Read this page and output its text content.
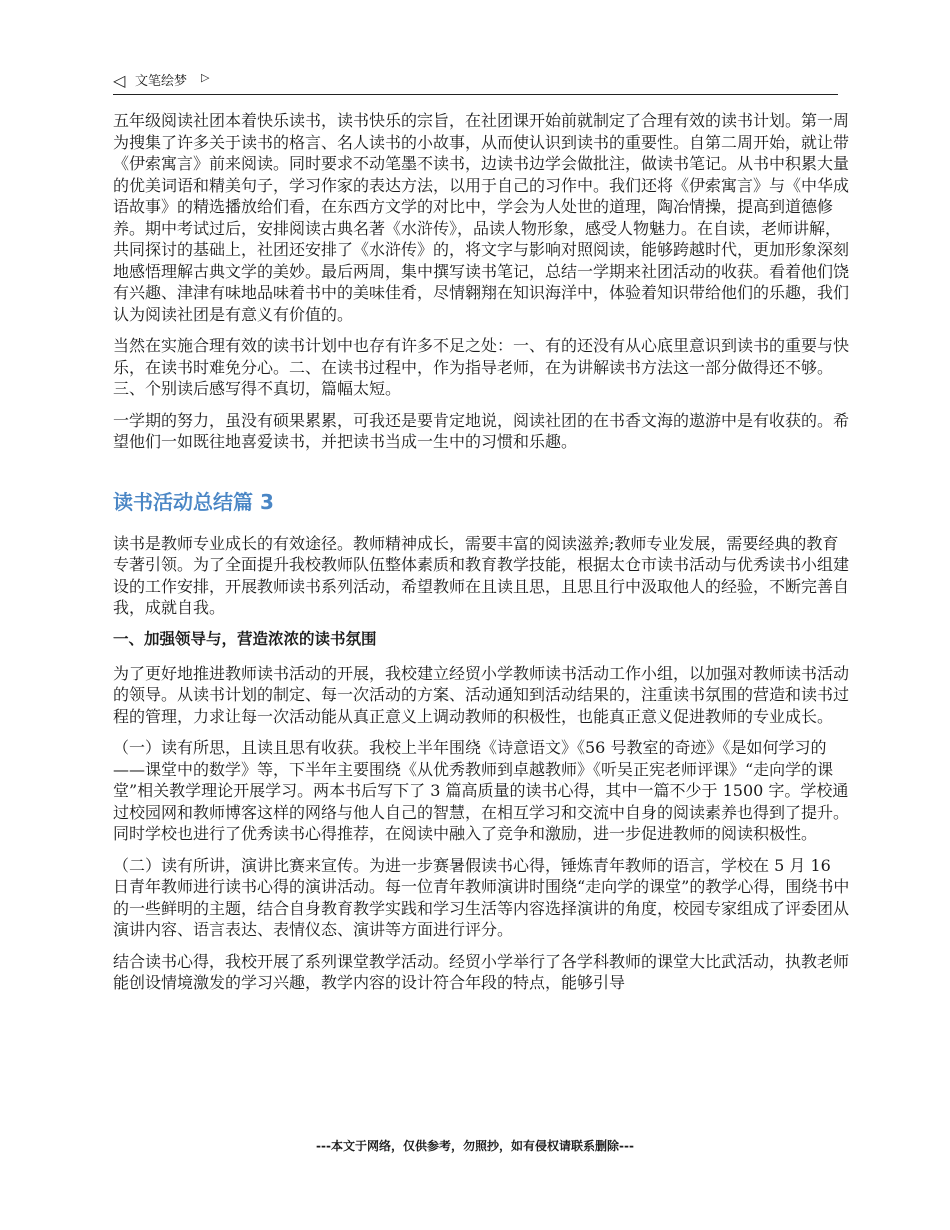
◁ 文笔绘梦 ▷

五年级阅读社团本着快乐读书，读书快乐的宗旨，在社团课开始前就制定了合理有效的读书计划。第一周为搜集了许多关于读书的格言、名人读书的小故事，从而使认识到读书的重要性。自第二周开始，就让带《伊索寓言》前来阅读。同时要求不动笔墨不读书，边读书边学会做批注，做读书笔记。从书中积累大量的优美词语和精美句子，学习作家的表达方法，以用于自己的习作中。我们还将《伊索寓言》与《中华成语故事》的精选播放给们看，在东西方文学的对比中，学会为人处世的道理，陶冶情操，提高到道德修养。期中考试过后，安排阅读古典名著《水浒传》，品读人物形象，感受人物魅力。在自读，老师讲解，共同探讨的基础上，社团还安排了《水浒传》的，将文字与影响对照阅读，能够跨越时代，更加形象深刻地感悟理解古典文学的美妙。最后两周，集中撰写读书笔记，总结一学期来社团活动的收获。看着他们饶有兴趣、津津有味地品味着书中的美味佳肴，尽情翱翔在知识海洋中，体验着知识带给他们的乐趣，我们认为阅读社团是有意义有价值的。

当然在实施合理有效的读书计划中也存有许多不足之处：一、有的还没有从心底里意识到读书的重要与快乐，在读书时难免分心。二、在读书过程中，作为指导老师，在为讲解读书方法这一部分做得还不够。三、个别读后感写得不真切，篇幅太短。

一学期的努力，虽没有硕果累累，可我还是要肯定地说，阅读社团的在书香文海的遨游中是有收获的。希望他们一如既往地喜爱读书，并把读书当成一生中的习惯和乐趣。

读书活动总结篇 3

读书是教师专业成长的有效途径。教师精神成长，需要丰富的阅读滋养;教师专业发展，需要经典的教育专著引领。为了全面提升我校教师队伍整体素质和教育教学技能，根据太仓市读书活动与优秀读书小组建设的工作安排，开展教师读书系列活动，希望教师在且读且思，且思且行中汲取他人的经验，不断完善自我，成就自我。

一、加强领导与，营造浓浓的读书氛围

为了更好地推进教师读书活动的开展，我校建立经贸小学教师读书活动工作小组，以加强对教师读书活动的领导。从读书计划的制定、每一次活动的方案、活动通知到活动结果的，注重读书氛围的营造和读书过程的管理，力求让每一次活动能从真正意义上调动教师的积极性，也能真正意义促进教师的专业成长。

（一）读有所思，且读且思有收获。我校上半年围绕《诗意语文》《56 号教室的奇迹》《是如何学习的——课堂中的数学》等，下半年主要围绕《从优秀教师到卓越教师》《听吴正宪老师评课》“走向学的课堂”相关教学理论开展学习。两本书后写下了 3 篇高质量的读书心得，其中一篇不少于 1500 字。学校通过校园网和教师博客这样的网络与他人自己的智慧，在相互学习和交流中自身的阅读素养也得到了提升。同时学校也进行了优秀读书心得推荐，在阅读中融入了竞争和激励，进一步促进教师的阅读积极性。

（二）读有所讲，演讲比赛来宣传。为进一步赛暑假读书心得，锤炼青年教师的语言，学校在 5 月 16 日青年教师进行读书心得的演讲活动。每一位青年教师演讲时围绕“走向学的课堂”的教学心得，围绕书中的一些鲜明的主题，结合自身教育教学实践和学习生活等内容选择演讲的角度，校园专家组成了评委团从演讲内容、语言表达、表情仪态、演讲等方面进行评分。

结合读书心得，我校开展了系列课堂教学活动。经贸小学举行了各学科教师的课堂大比武活动，执教老师能创设情境激发的学习兴趣，教学内容的设计符合年段的特点，能够引导

---本文于网络，仅供参考，勿照抄，如有侵权请联系删除---
